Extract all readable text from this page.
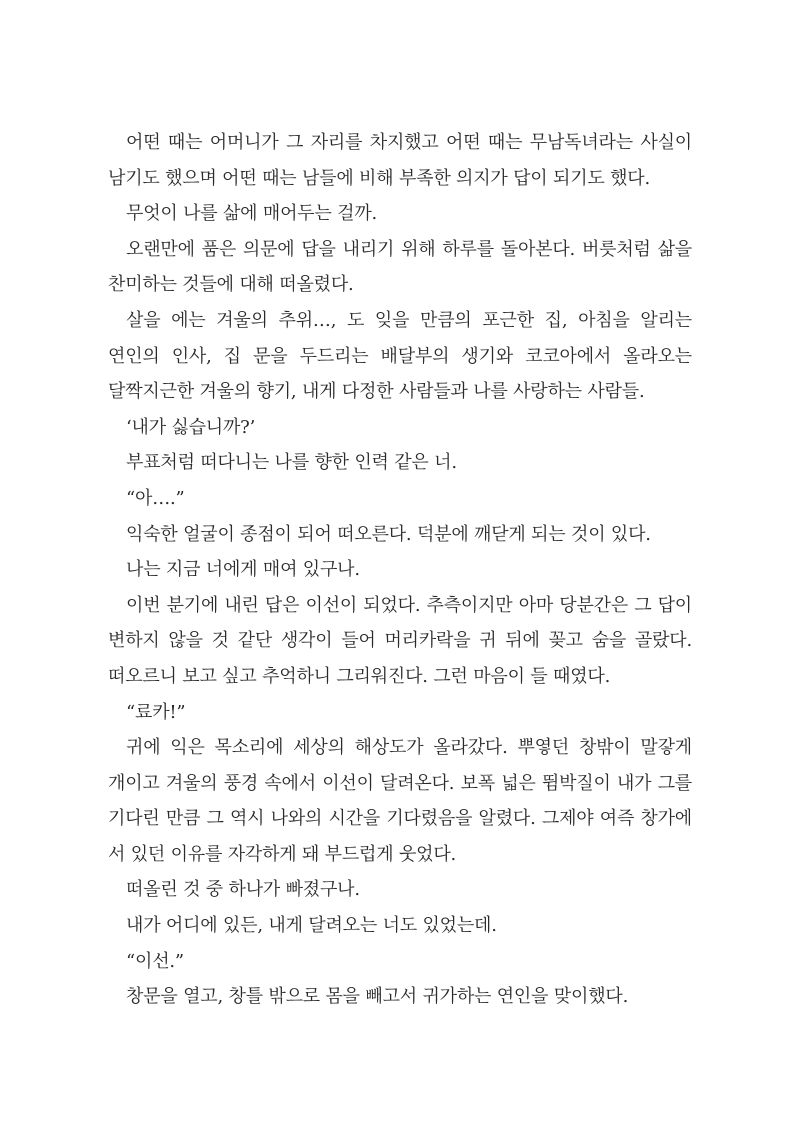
어떤 때는 어머니가 그 자리를 차지했고 어떤 때는 무남독녀라는 사실이 남기도 했으며 어떤 때는 남들에 비해 부족한 의지가 답이 되기도 했다.

무엇이 나를 삶에 매어두는 걸까.

오랜만에 품은 의문에 답을 내리기 위해 하루를 돌아본다. 버릇처럼 삶을 찬미하는 것들에 대해 떠올렸다.

살을 에는 겨울의 추위…, 도 잊을 만큼의 포근한 집, 아침을 알리는 연인의 인사, 집 문을 두드리는 배달부의 생기와 코코아에서 올라오는 달짝지근한 겨울의 향기, 내게 다정한 사람들과 나를 사랑하는 사람들.

‘내가 싫습니까?’

부표처럼 떠다니는 나를 향한 인력 같은 너.

“아….”

익숙한 얼굴이 종점이 되어 떠오른다. 덕분에 깨닫게 되는 것이 있다.

나는 지금 너에게 매여 있구나.

이번 분기에 내린 답은 이선이 되었다. 추측이지만 아마 당분간은 그 답이 변하지 않을 것 같단 생각이 들어 머리카락을 귀 뒤에 꽂고 숨을 골랐다. 떠오르니 보고 싶고 추억하니 그리워진다. 그런 마음이 들 때였다.

“료카!”

귀에 익은 목소리에 세상의 해상도가 올라갔다. 뿌옇던 창밖이 말갛게 개이고 겨울의 풍경 속에서 이선이 달려온다. 보폭 넓은 뜀박질이 내가 그를 기다린 만큼 그 역시 나와의 시간을 기다렸음을 알렸다. 그제야 여즉 창가에 서 있던 이유를 자각하게 돼 부드럽게 웃었다.

떠올린 것 중 하나가 빠졌구나.

내가 어디에 있든, 내게 달려오는 너도 있었는데.

“이선.”

창문을 열고, 창틀 밖으로 몸을 빼고서 귀가하는 연인을 맞이했다.
